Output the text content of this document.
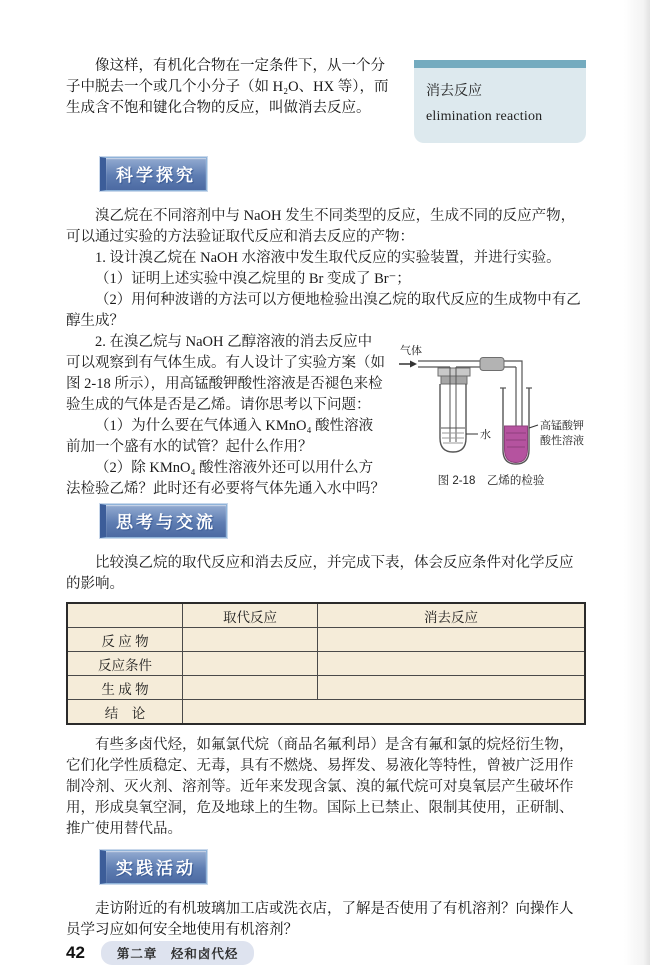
像这样，有机化合物在一定条件下，从一个分子中脱去一个或几个小分子（如 H₂O、HX 等），而生成含不饱和键化合物的反应，叫做消去反应。

消去反应
elimination reaction
科学探究

溴乙烷在不同溶剂中与 NaOH 发生不同类型的反应，生成不同的反应产物，可以通过实验的方法验证取代反应和消去反应的产物：

1. 设计溴乙烷在 NaOH 水溶液中发生取代反应的实验装置，并进行实验。

（1）证明上述实验中溴乙烷里的 Br 变成了 Br⁻；

（2）用何种波谱的方法可以方便地检验出溴乙烷的取代反应的生成物中有乙醇生成？

气体
水
高锰酸钾
酸性溶液
图 2-18　乙烯的检验

2. 在溴乙烷与 NaOH 乙醇溶液的消去反应中可以观察到有气体生成。有人设计了实验方案（如图 2-18 所示），用高锰酸钾酸性溶液是否褪色来检验生成的气体是否是乙烯。请你思考以下问题：

（1）为什么要在气体通入 KMnO₄ 酸性溶液前加一个盛有水的试管？起什么作用？

（2）除 KMnO₄ 酸性溶液外还可以用什么方法检验乙烯？此时还有必要将气体先通入水中吗？

思考与交流

比较溴乙烷的取代反应和消去反应，并完成下表，体会反应条件对化学反应的影响。

	取代反应	消去反应
反 应 物		
反应条件		
生 成 物		
结　论		

有些多卤代烃，如氟氯代烷（商品名氟利昂）是含有氟和氯的烷烃衍生物，它们化学性质稳定、无毒，具有不燃烧、易挥发、易液化等特性，曾被广泛用作制冷剂、灭火剂、溶剂等。近年来发现含氯、溴的氟代烷可对臭氧层产生破坏作用，形成臭氧空洞，危及地球上的生物。国际上已禁止、限制其使用，正研制、推广使用替代品。

实践活动

走访附近的有机玻璃加工店或洗衣店，了解是否使用了有机溶剂？向操作人员学习应如何安全地使用有机溶剂？

42	第二章　烃和卤代烃
